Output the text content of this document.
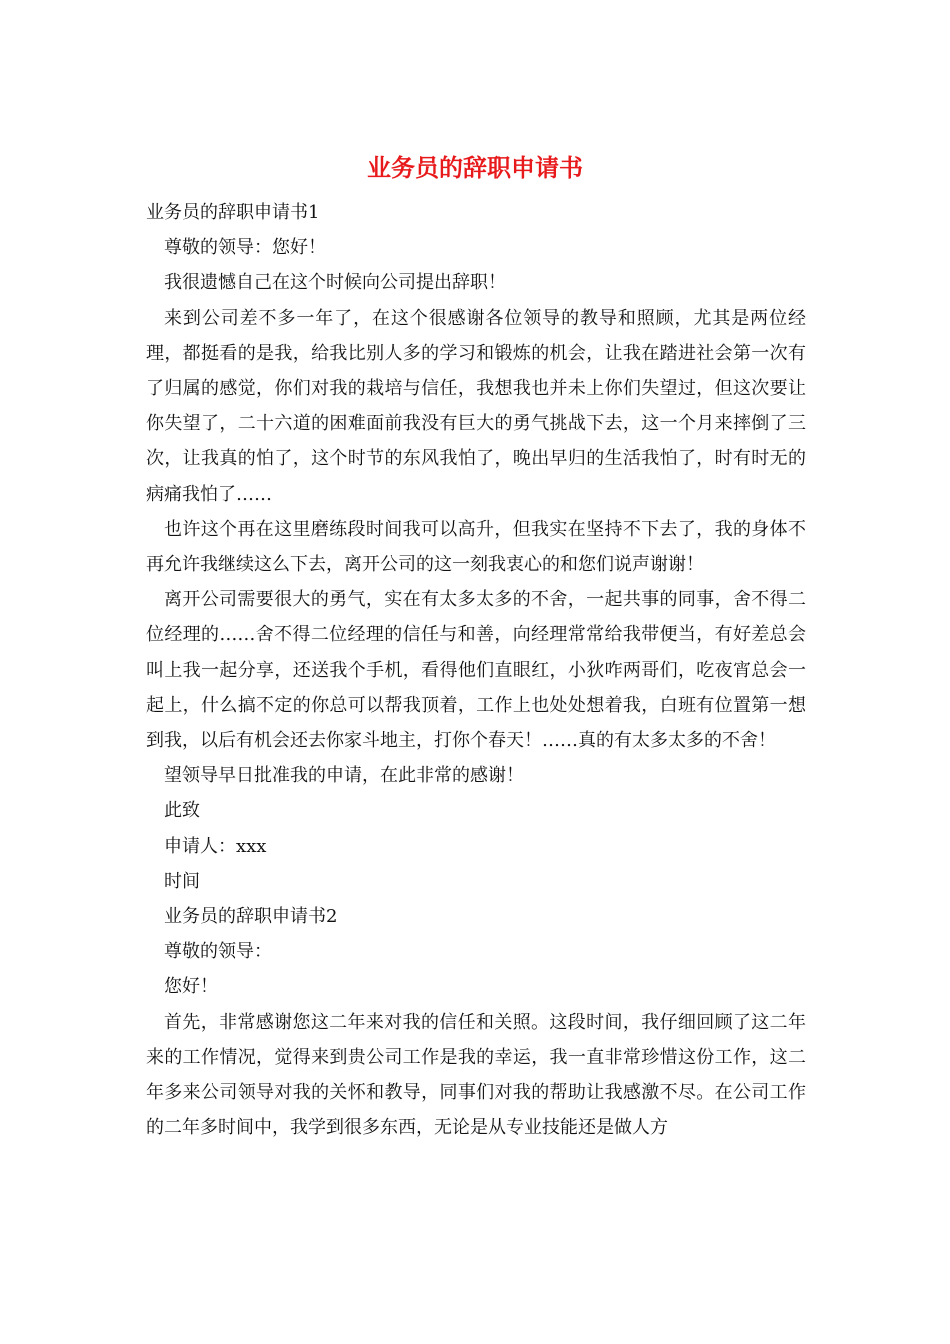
业务员的辞职申请书

业务员的辞职申请书1

尊敬的领导：您好！

我很遗憾自己在这个时候向公司提出辞职！

来到公司差不多一年了，在这个很感谢各位领导的教导和照顾，尤其是两位经理，都挺看的是我，给我比别人多的学习和锻炼的机会，让我在踏进社会第一次有了归属的感觉，你们对我的栽培与信任，我想我也并未上你们失望过，但这次要让你失望了，二十六道的困难面前我没有巨大的勇气挑战下去，这一个月来摔倒了三次，让我真的怕了，这个时节的东风我怕了，晚出早归的生活我怕了，时有时无的病痛我怕了……

也许这个再在这里磨练段时间我可以高升，但我实在坚持不下去了，我的身体不再允许我继续这么下去，离开公司的这一刻我衷心的和您们说声谢谢！

离开公司需要很大的勇气，实在有太多太多的不舍，一起共事的同事，舍不得二位经理的……舍不得二位经理的信任与和善，向经理常常给我带便当，有好差总会叫上我一起分享，还送我个手机，看得他们直眼红，小狄咋两哥们，吃夜宵总会一起上，什么搞不定的你总可以帮我顶着，工作上也处处想着我，白班有位置第一想到我，以后有机会还去你家斗地主，打你个春天！……真的有太多太多的不舍！

望领导早日批准我的申请，在此非常的感谢！

此致

申请人：xxx

时间

业务员的辞职申请书2

尊敬的领导：

您好！

首先，非常感谢您这二年来对我的信任和关照。这段时间，我仔细回顾了这二年来的工作情况，觉得来到贵公司工作是我的幸运，我一直非常珍惜这份工作，这二年多来公司领导对我的关怀和教导，同事们对我的帮助让我感激不尽。在公司工作的二年多时间中，我学到很多东西，无论是从专业技能还是做人方
